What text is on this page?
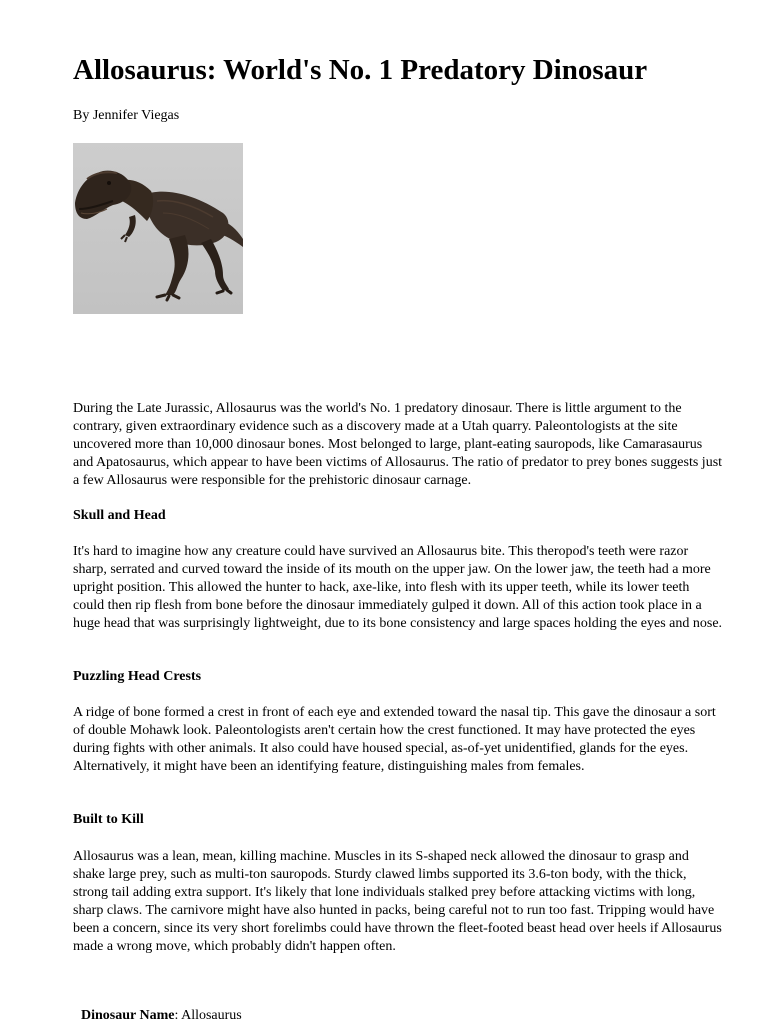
Allosaurus: World's No. 1 Predatory Dinosaur

By Jennifer Viegas

During the Late Jurassic, Allosaurus was the world's No. 1 predatory dinosaur. There is little argument to the contrary, given extraordinary evidence such as a discovery made at a Utah quarry. Paleontologists at the site uncovered more than 10,000 dinosaur bones. Most belonged to large, plant-eating sauropods, like Camarasaurus and Apatosaurus, which appear to have been victims of Allosaurus. The ratio of predator to prey bones suggests just a few Allosaurus were responsible for the prehistoric dinosaur carnage.

Skull and Head

It's hard to imagine how any creature could have survived an Allosaurus bite. This theropod's teeth were razor sharp, serrated and curved toward the inside of its mouth on the upper jaw. On the lower jaw, the teeth had a more upright position. This allowed the hunter to hack, axe-like, into flesh with its upper teeth, while its lower teeth could then rip flesh from bone before the dinosaur immediately gulped it down. All of this action took place in a huge head that was surprisingly lightweight, due to its bone consistency and large spaces holding the eyes and nose.

Puzzling Head Crests

A ridge of bone formed a crest in front of each eye and extended toward the nasal tip. This gave the dinosaur a sort of double Mohawk look. Paleontologists aren't certain how the crest functioned. It may have protected the eyes during fights with other animals. It also could have housed special, as-of-yet unidentified, glands for the eyes. Alternatively, it might have been an identifying feature, distinguishing males from females.

Built to Kill

Allosaurus was a lean, mean, killing machine. Muscles in its S-shaped neck allowed the dinosaur to grasp and shake large prey, such as multi-ton sauropods. Sturdy clawed limbs supported its 3.6-ton body, with the thick, strong tail adding extra support. It's likely that lone individuals stalked prey before attacking victims with long, sharp claws. The carnivore might have also hunted in packs, being careful not to run too fast. Tripping would have been a concern, since its very short forelimbs could have thrown the fleet-footed beast head over heels if Allosaurus made a wrong move, which probably didn't happen often.

Dinosaur Name: Allosaurus
